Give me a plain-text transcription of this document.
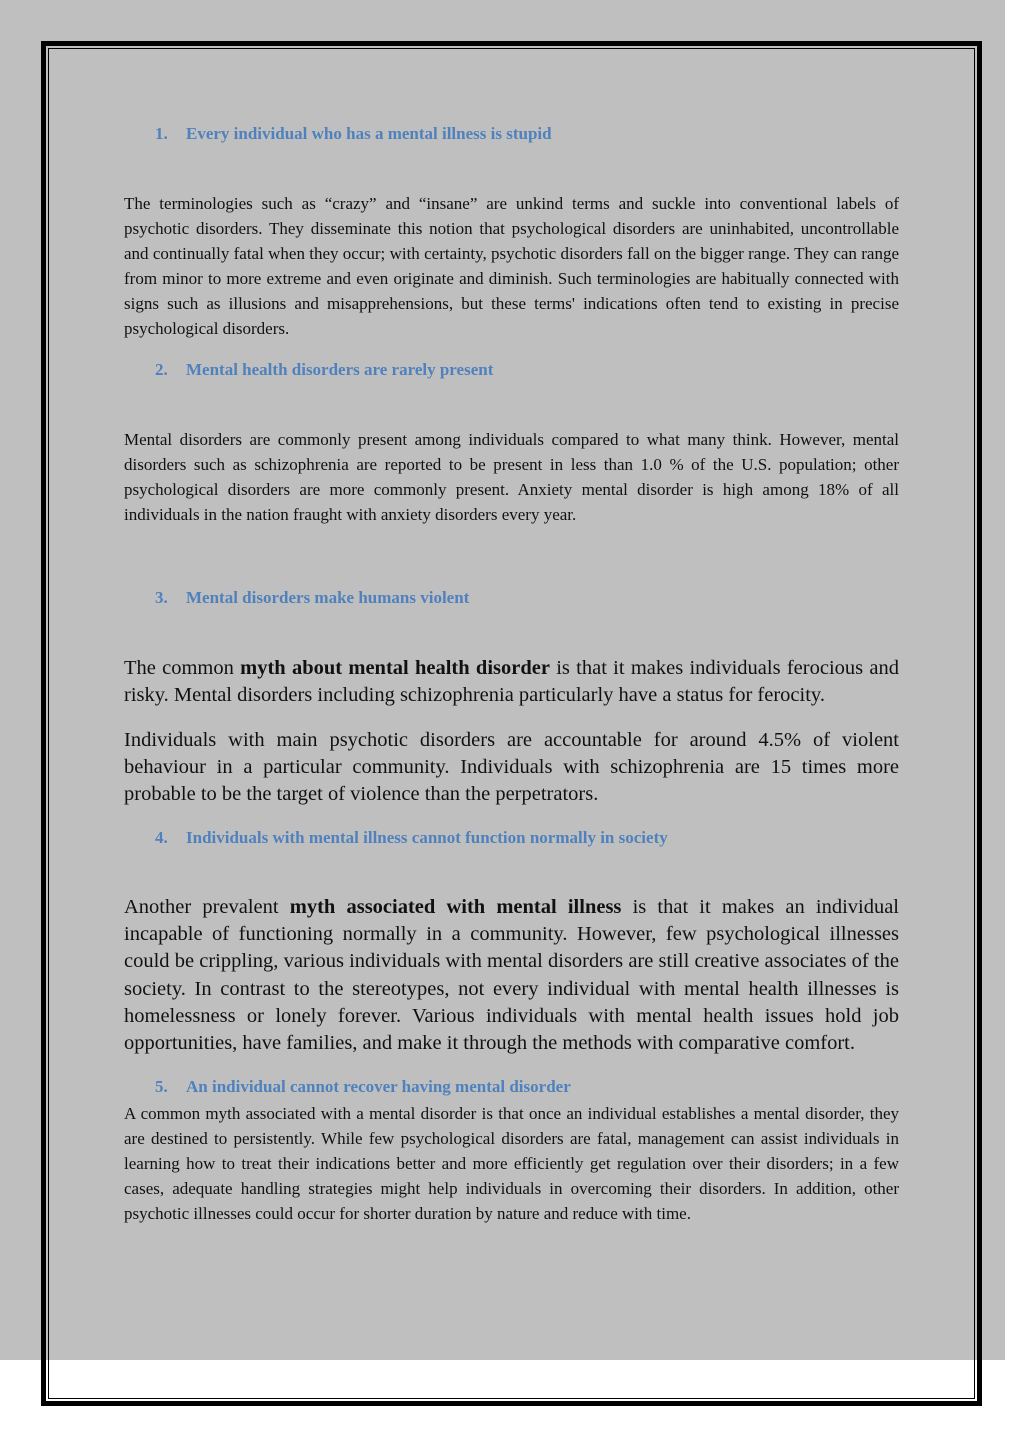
1. Every individual who has a mental illness is stupid

The terminologies such as “crazy” and “insane” are unkind terms and suckle into conventional labels of psychotic disorders. They disseminate this notion that psychological disorders are uninhabited, uncontrollable and continually fatal when they occur; with certainty, psychotic disorders fall on the bigger range. They can range from minor to more extreme and even originate and diminish. Such terminologies are habitually connected with signs such as illusions and misapprehensions, but these terms' indications often tend to existing in precise psychological disorders.

2. Mental health disorders are rarely present

Mental disorders are commonly present among individuals compared to what many think. However, mental disorders such as schizophrenia are reported to be present in less than 1.0 % of the U.S. population; other psychological disorders are more commonly present. Anxiety mental disorder is high among 18% of all individuals in the nation fraught with anxiety disorders every year.

3. Mental disorders make humans violent

The common myth about mental health disorder is that it makes individuals ferocious and risky. Mental disorders including schizophrenia particularly have a status for ferocity.

Individuals with main psychotic disorders are accountable for around 4.5% of violent behaviour in a particular community. Individuals with schizophrenia are 15 times more probable to be the target of violence than the perpetrators.

4. Individuals with mental illness cannot function normally in society

Another prevalent myth associated with mental illness is that it makes an individual incapable of functioning normally in a community. However, few psychological illnesses could be crippling, various individuals with mental disorders are still creative associates of the society. In contrast to the stereotypes, not every individual with mental health illnesses is homelessness or lonely forever. Various individuals with mental health issues hold job opportunities, have families, and make it through the methods with comparative comfort.

5. An individual cannot recover having mental disorder

A common myth associated with a mental disorder is that once an individual establishes a mental disorder, they are destined to persistently. While few psychological disorders are fatal, management can assist individuals in learning how to treat their indications better and more efficiently get regulation over their disorders; in a few cases, adequate handling strategies might help individuals in overcoming their disorders. In addition, other psychotic illnesses could occur for shorter duration by nature and reduce with time.
